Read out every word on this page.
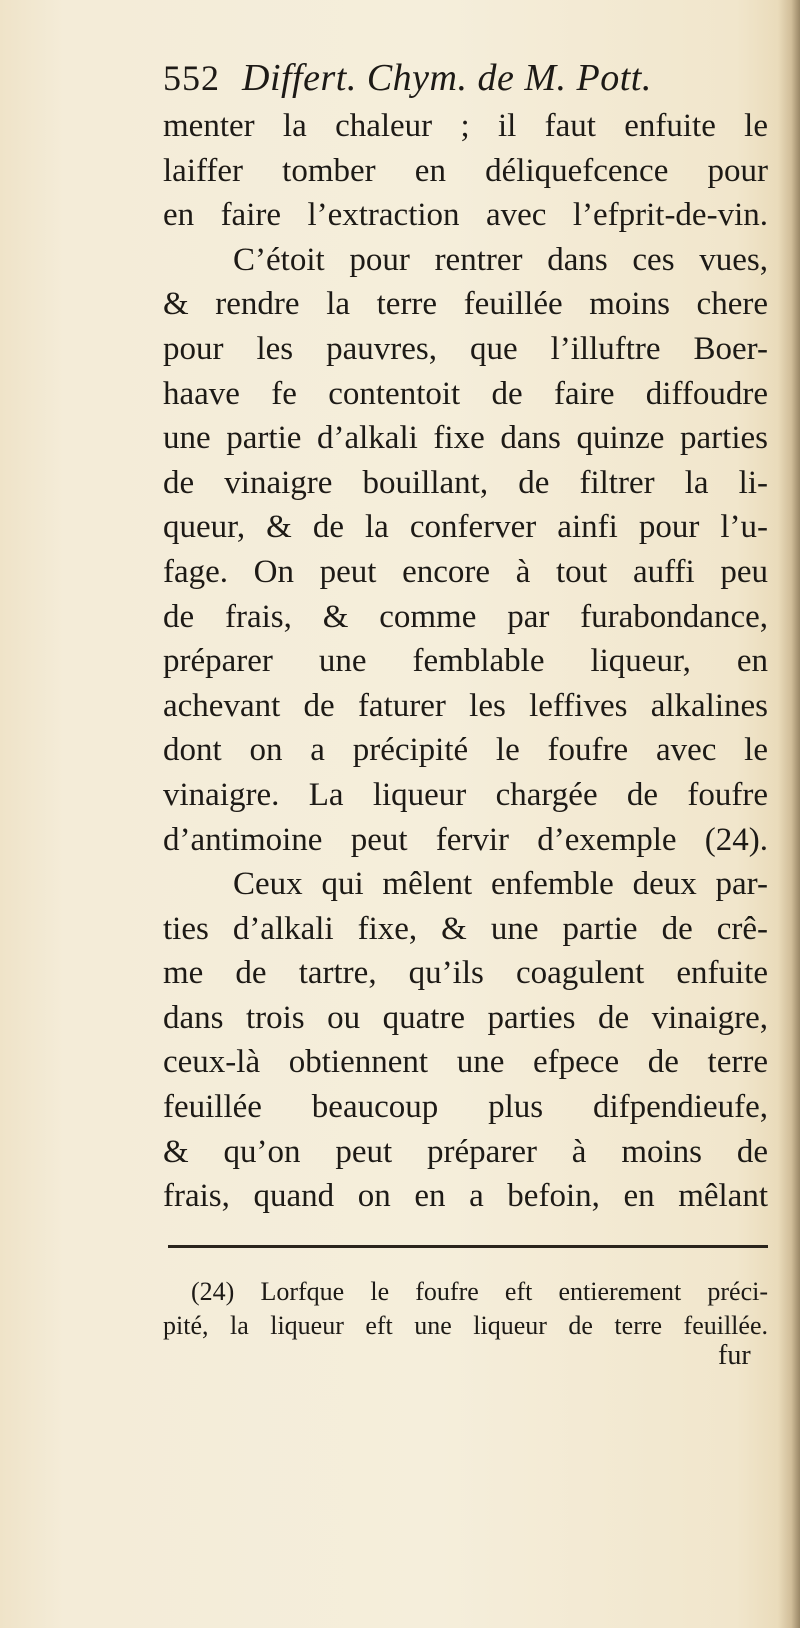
552 Differt. Chym. de M. Pott.
menter la chaleur ; il faut enfuite le
laiffer tomber en déliquefcence pour
en faire l’extraction avec l’efprit-de-vin.
C’étoit pour rentrer dans ces vues,
& rendre la terre feuillée moins chere
pour les pauvres, que l’illuftre Boer-
haave fe contentoit de faire diffoudre
une partie d’alkali fixe dans quinze parties
de vinaigre bouillant, de filtrer la li-
queur, & de la conferver ainfi pour l’u-
fage. On peut encore à tout auffi peu
de frais, & comme par furabondance,
préparer une femblable liqueur, en
achevant de faturer les leffives alkalines
dont on a précipité le foufre avec le
vinaigre. La liqueur chargée de foufre
d’antimoine peut fervir d’exemple (24).
Ceux qui mêlent enfemble deux par-
ties d’alkali fixe, & une partie de crê-
me de tartre, qu’ils coagulent enfuite
dans trois ou quatre parties de vinaigre,
ceux-là obtiennent une efpece de terre
feuillée beaucoup plus difpendieufe,
& qu’on peut préparer à moins de
frais, quand on en a befoin, en mêlant
(24) Lorfque le foufre eft entierement préci-
pité, la liqueur eft une liqueur de terre feuillée.
fur
